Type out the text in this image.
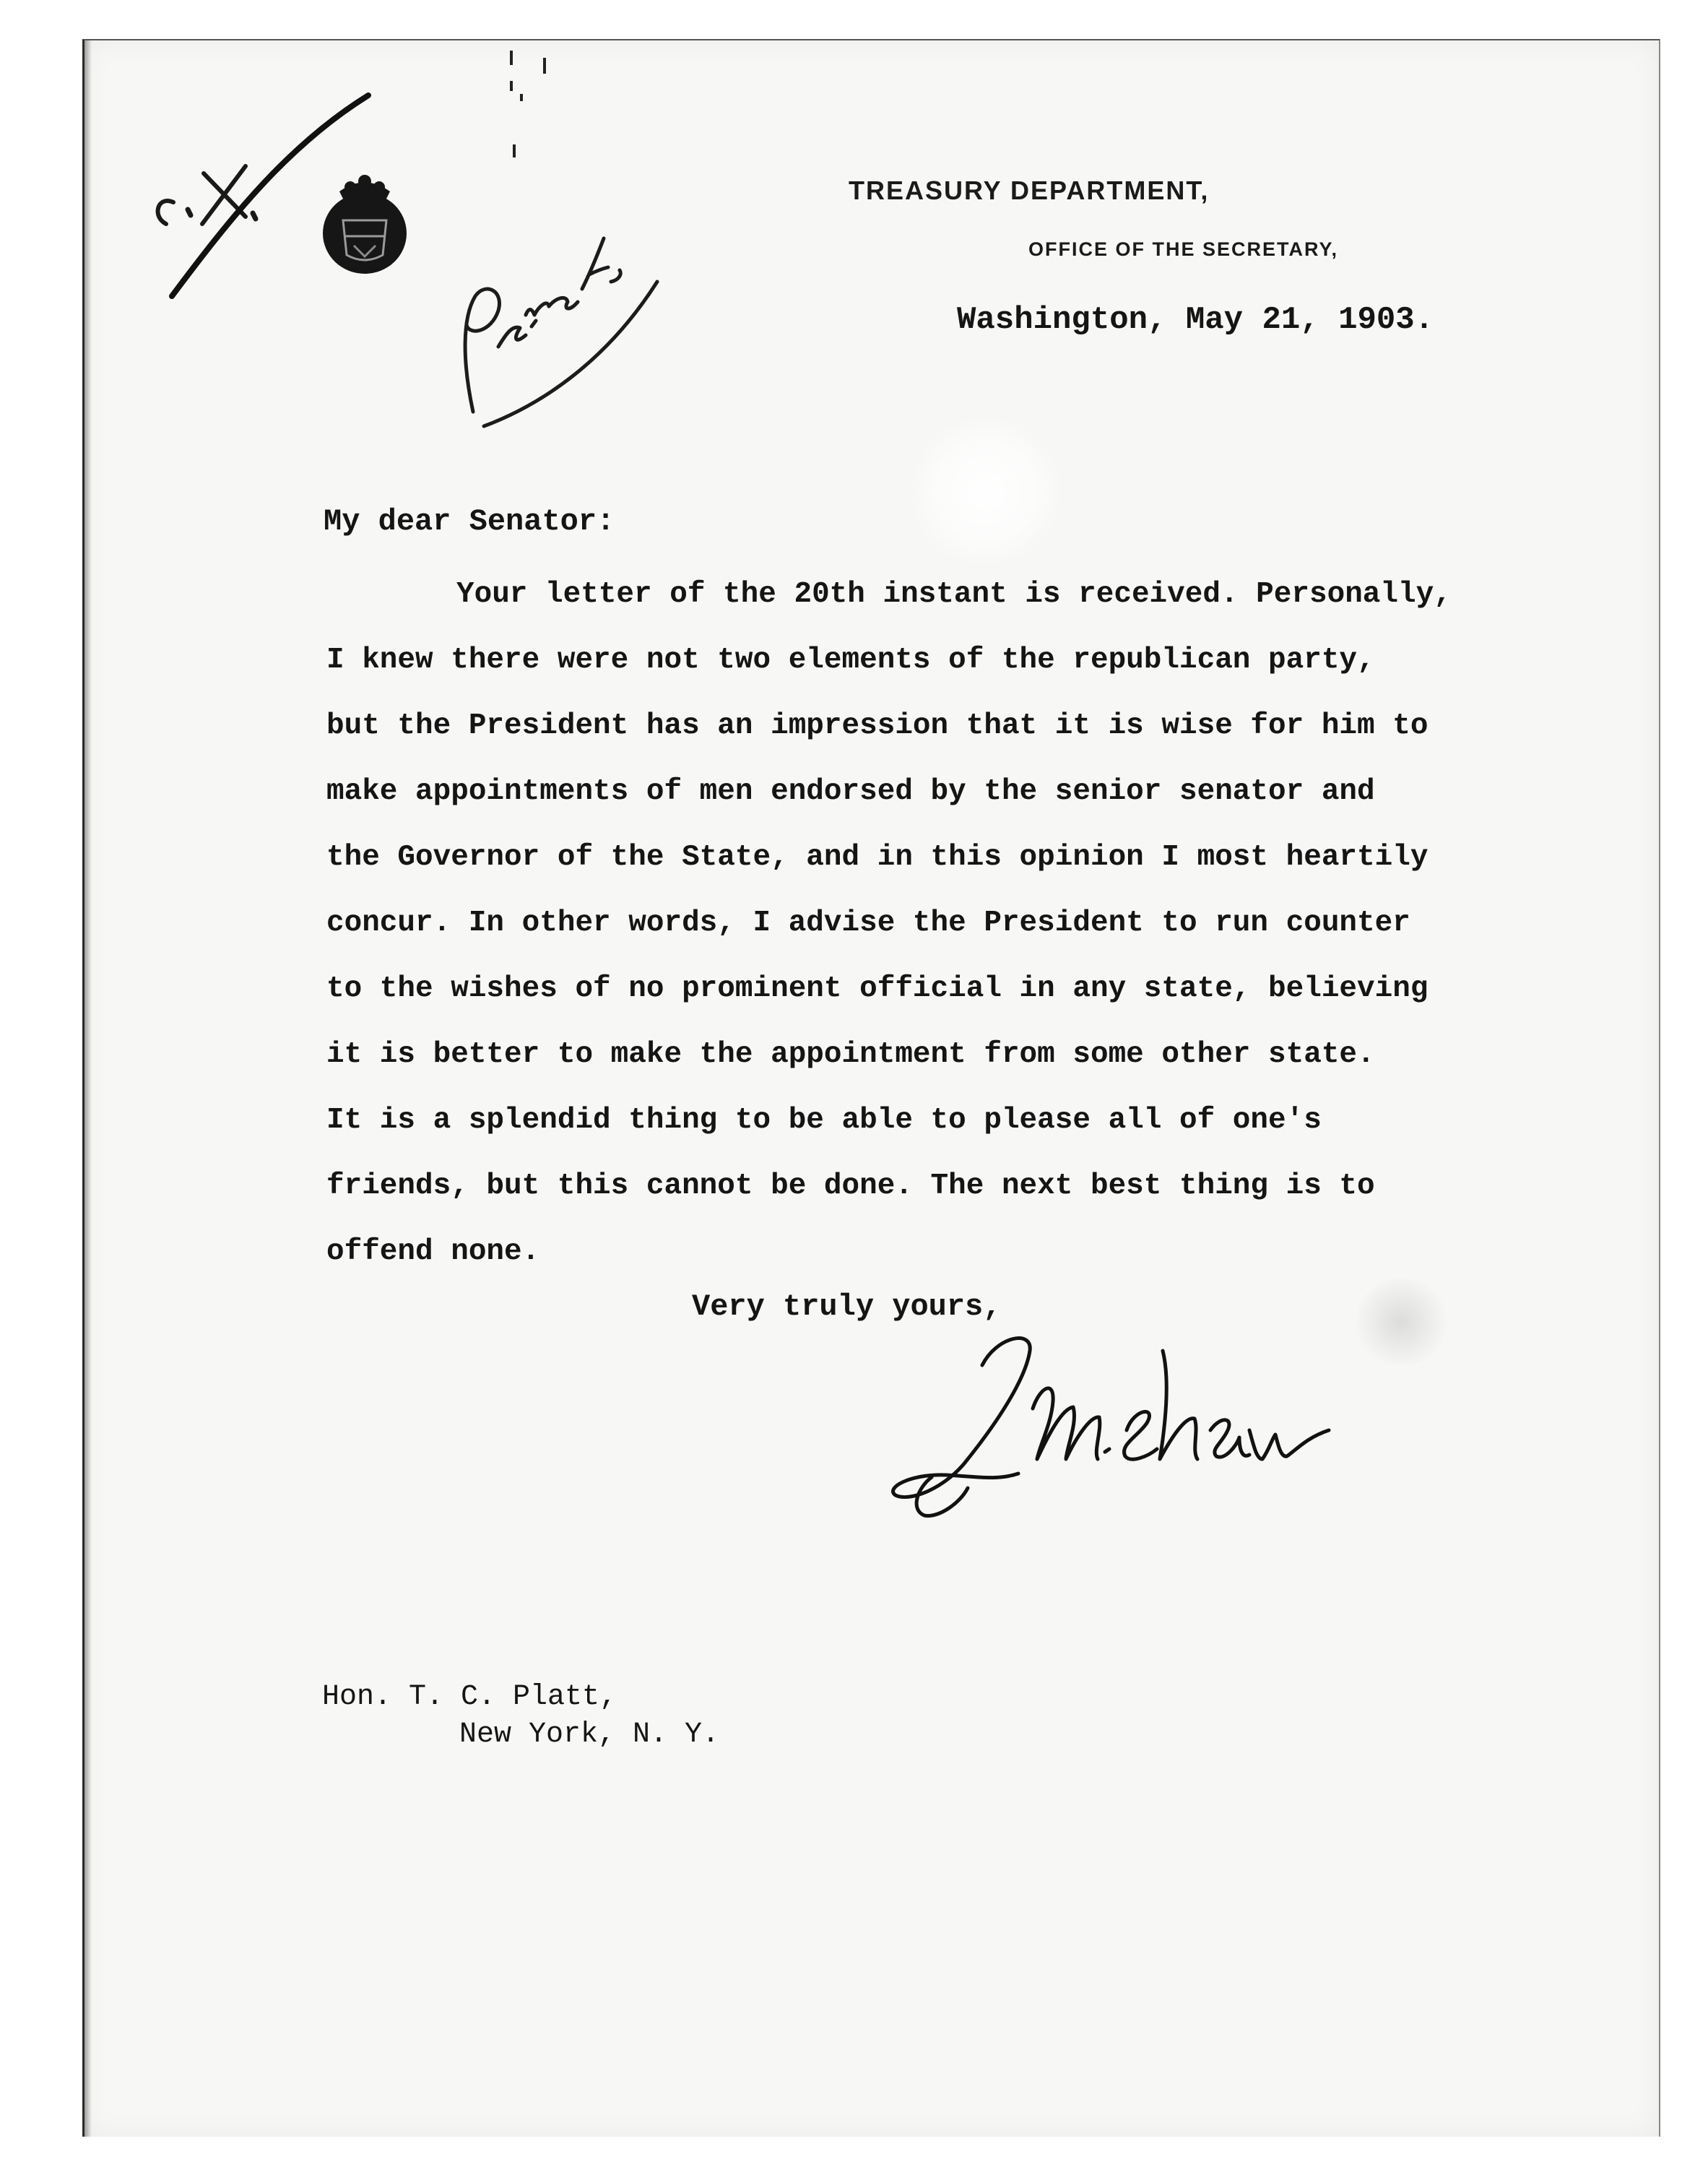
TREASURY DEPARTMENT,
OFFICE OF THE SECRETARY,
Washington, May 21, 1903.
My dear Senator:
Your letter of the 20th instant is received. Personally,
I knew there were not two elements of the republican party,
but the President has an impression that it is wise for him to
make appointments of men endorsed by the senior senator and
the Governor of the State, and in this opinion I most heartily
concur. In other words, I advise the President to run counter
to the wishes of no prominent official in any state, believing
it is better to make the appointment from some other state.
It is a splendid thing to be able to please all of one's
friends, but this cannot be done. The next best thing is to
offend none.
Very truly yours,
Hon. T. C. Platt,
New York, N. Y.
